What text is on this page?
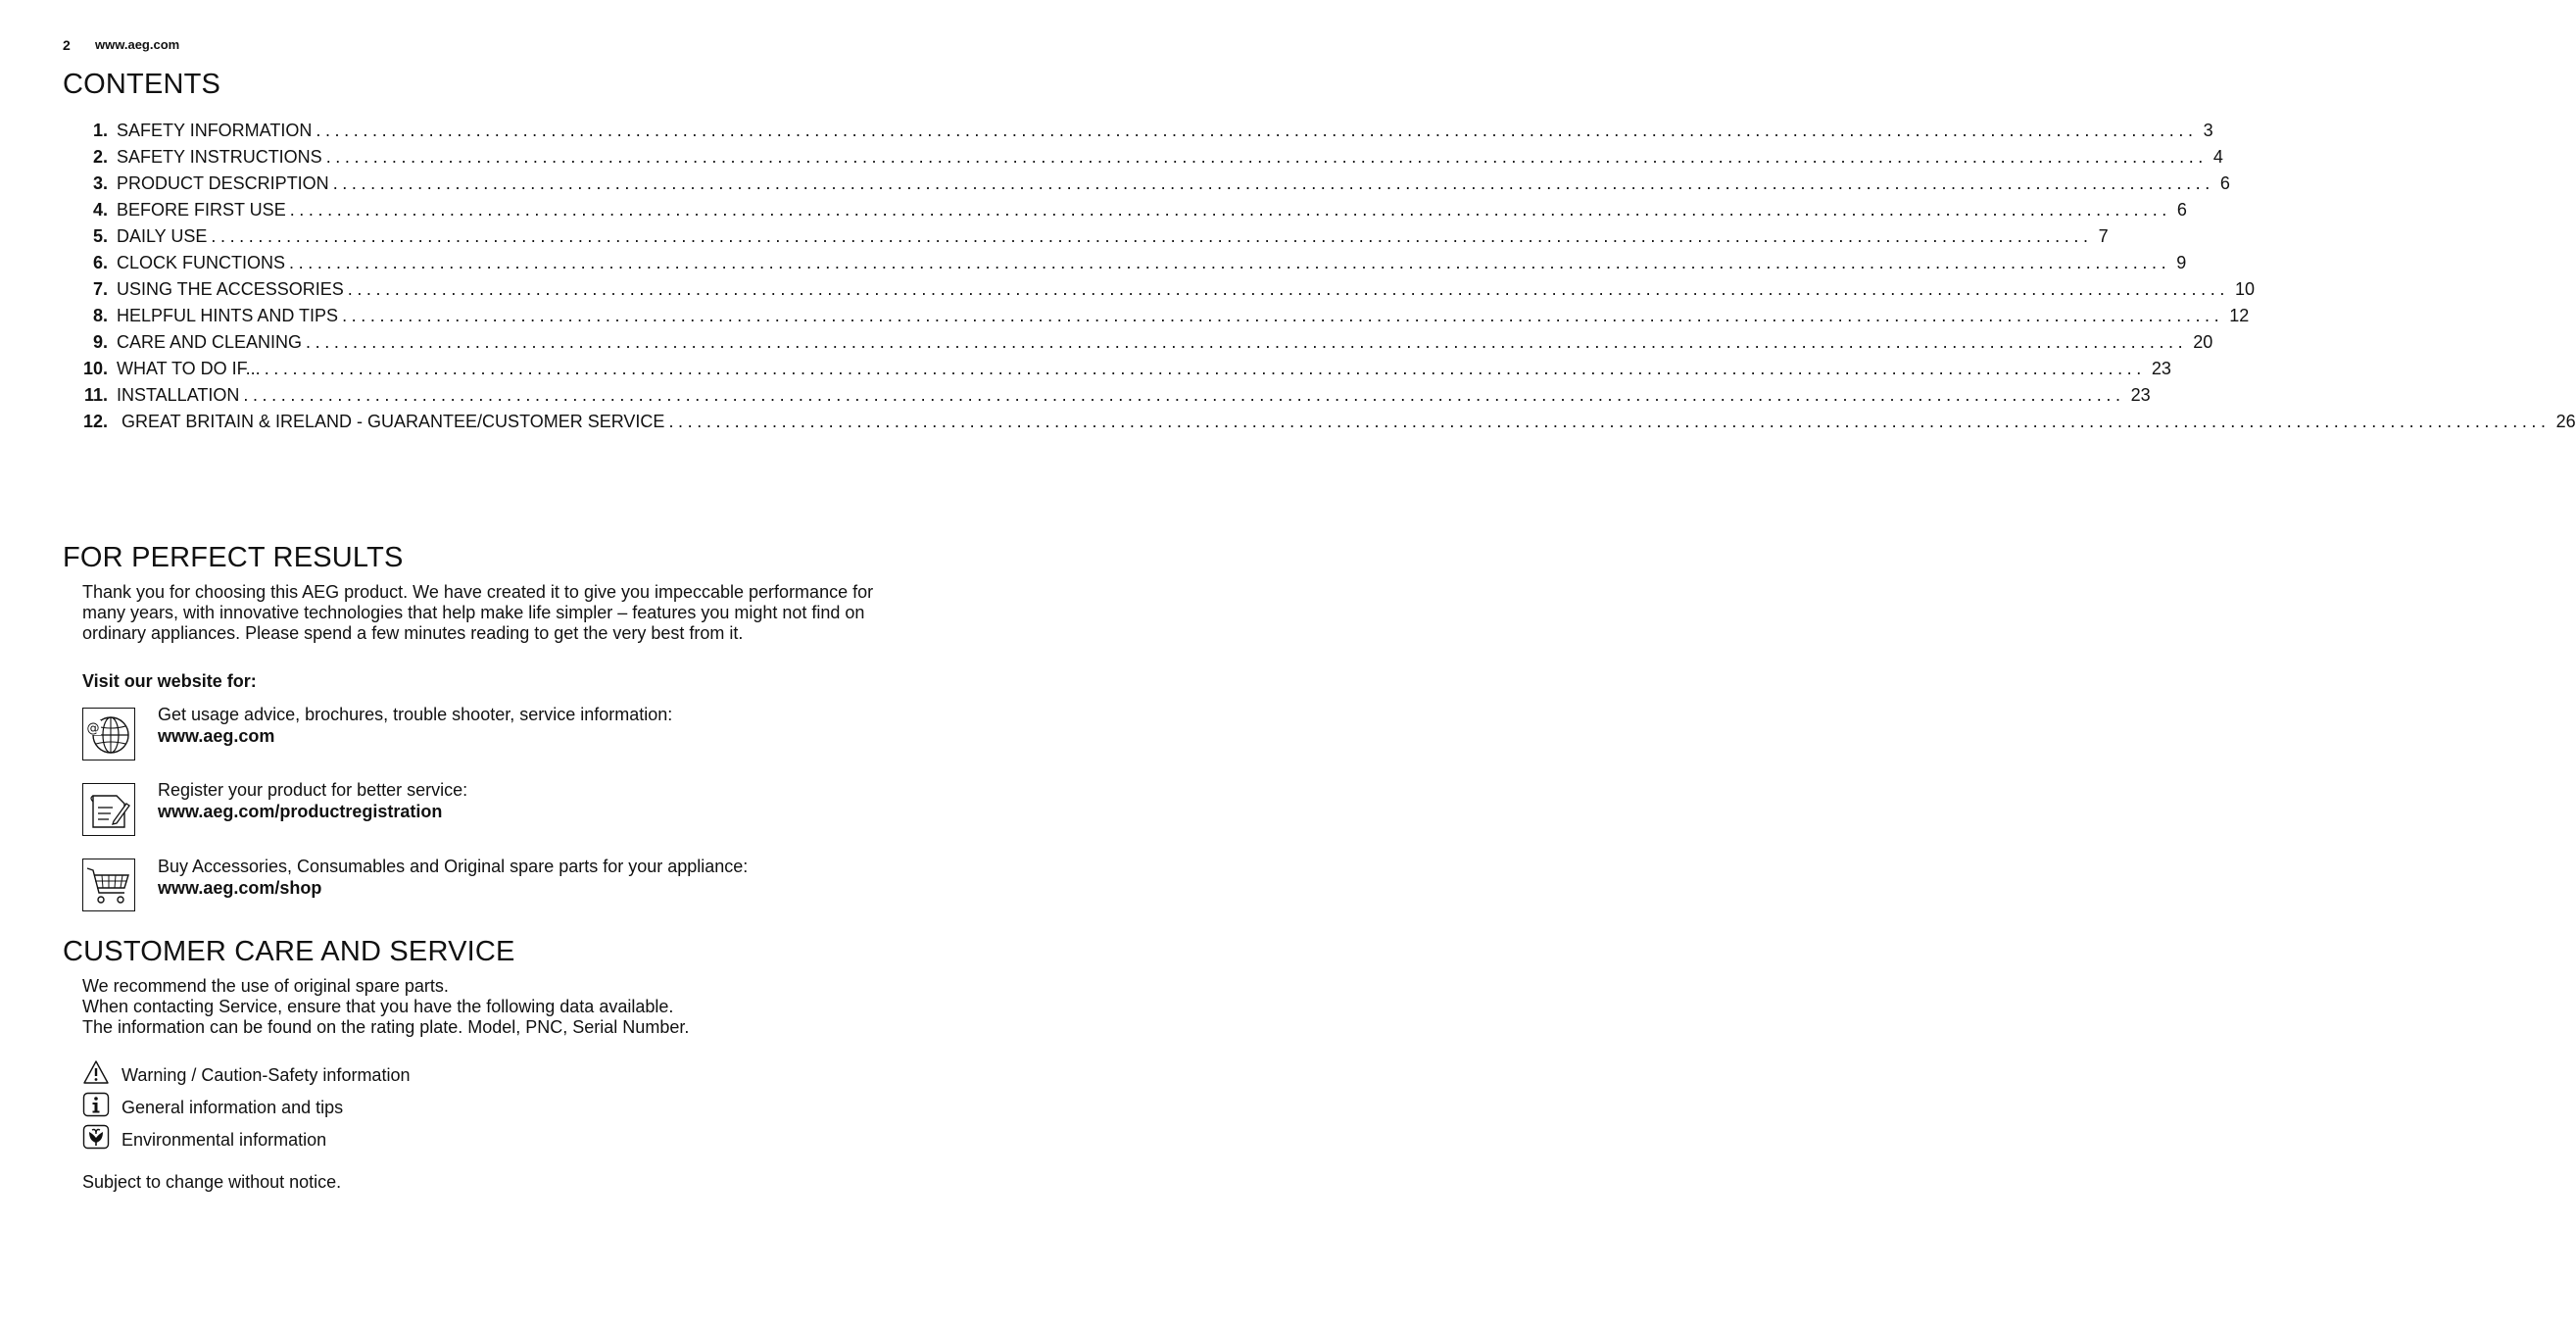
2 www.aeg.com
CONTENTS
1. SAFETY INFORMATION ........................................................................................................................................................................................................ 3
2. SAFETY INSTRUCTIONS ........................................................................................................................................................................................................ 4
3. PRODUCT DESCRIPTION ........................................................................................................................................................................................................ 6
4. BEFORE FIRST USE ........................................................................................................................................................................................................ 6
5. DAILY USE ........................................................................................................................................................................................................ 7
6. CLOCK FUNCTIONS ........................................................................................................................................................................................................ 9
7. USING THE ACCESSORIES ........................................................................................................................................................................................................ 10
8. HELPFUL HINTS AND TIPS ........................................................................................................................................................................................................ 12
9. CARE AND CLEANING ........................................................................................................................................................................................................ 20
10. WHAT TO DO IF... ........................................................................................................................................................................................................ 23
11. INSTALLATION ........................................................................................................................................................................................................ 23
12. GREAT BRITAIN & IRELAND - GUARANTEE/CUSTOMER SERVICE ........................................................................................................................................................................................................ 26
FOR PERFECT RESULTS
Thank you for choosing this AEG product. We have created it to give you impeccable performance for many years, with innovative technologies that help make life simpler – features you might not find on ordinary appliances. Please spend a few minutes reading to get the very best from it.
Visit our website for:
@
Get usage advice, brochures, trouble shooter, service information:
www.aeg.com
Register your product for better service:
www.aeg.com/productregistration
Buy Accessories, Consumables and Original spare parts for your appliance:
www.aeg.com/shop
CUSTOMER CARE AND SERVICE
We recommend the use of original spare parts.
When contacting Service, ensure that you have the following data available.
The information can be found on the rating plate. Model, PNC, Serial Number.
Warning / Caution-Safety information
General information and tips
Environmental information
Subject to change without notice.
